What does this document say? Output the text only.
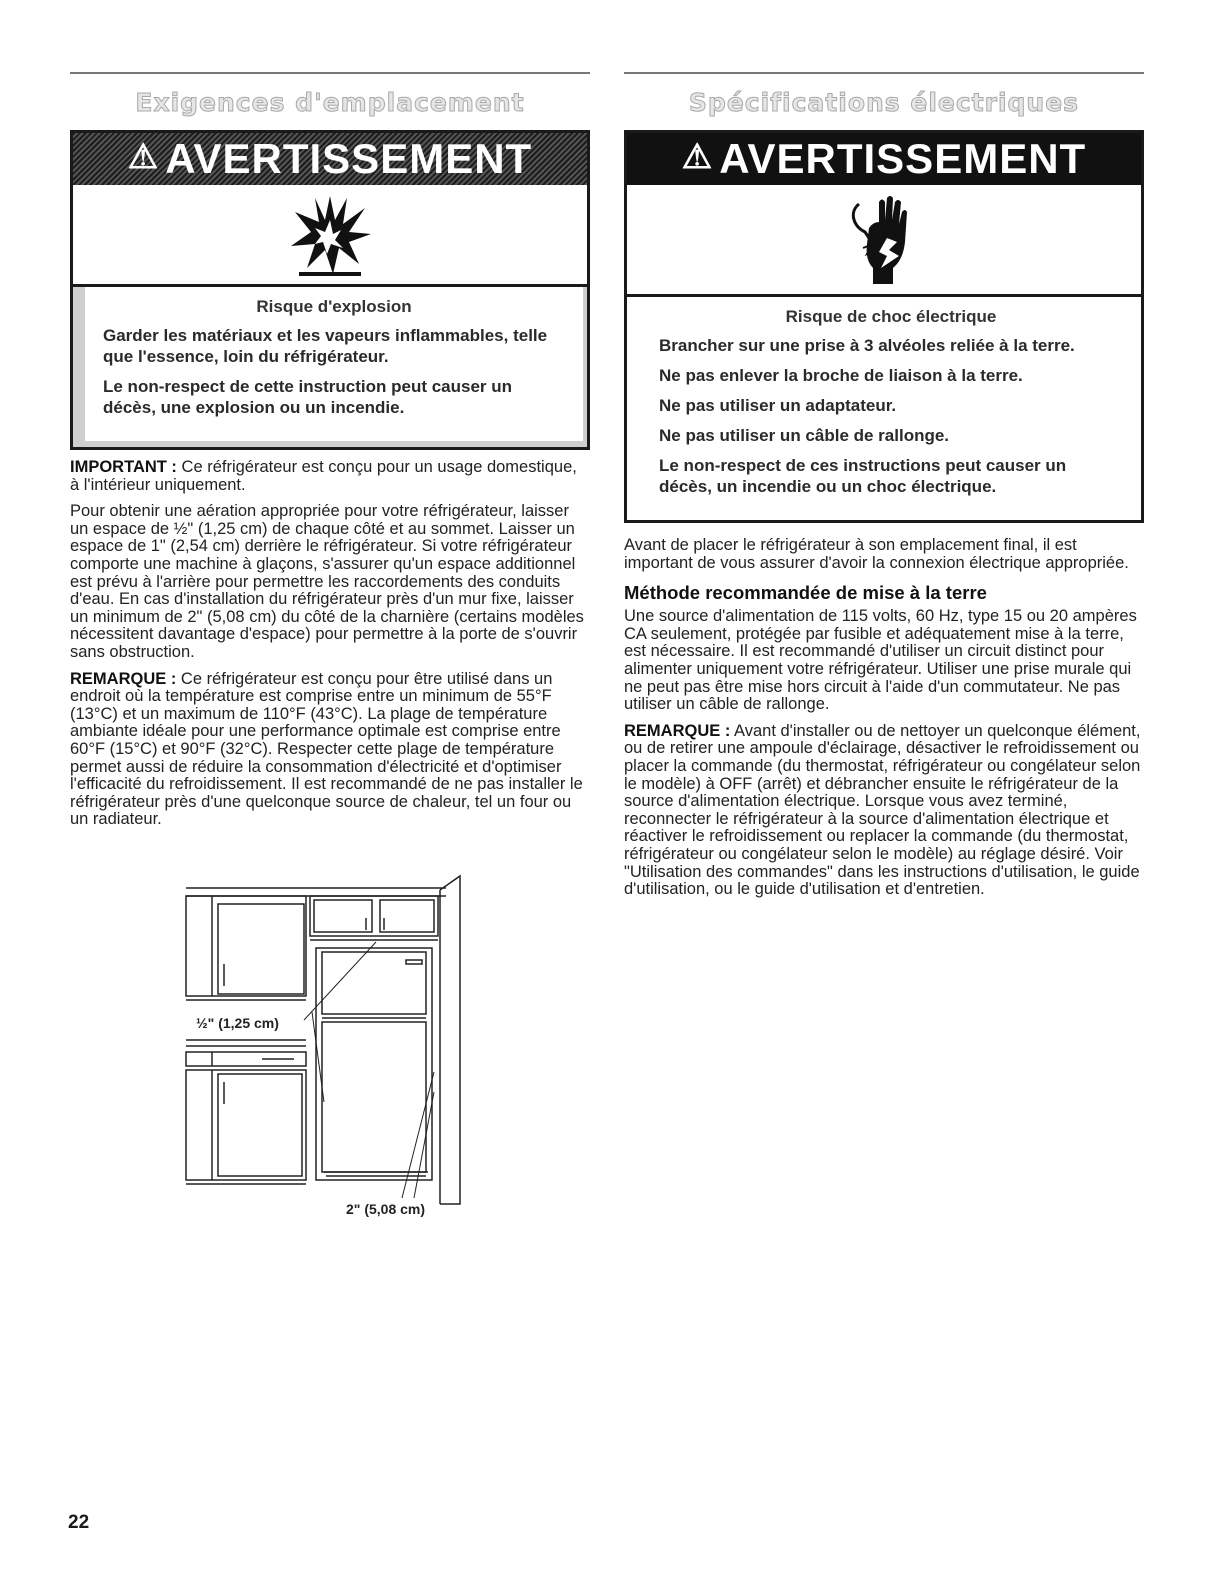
Exigences d'emplacement
⚠ AVERTISSEMENT
Risque d'explosion
Garder les matériaux et les vapeurs inflammables, telle que l'essence, loin du réfrigérateur.
Le non-respect de cette instruction peut causer un décès, une explosion ou un incendie.

IMPORTANT : Ce réfrigérateur est conçu pour un usage domestique, à l'intérieur uniquement.

Pour obtenir une aération appropriée pour votre réfrigérateur, laisser un espace de ½" (1,25 cm) de chaque côté et au sommet. Laisser un espace de 1" (2,54 cm) derrière le réfrigérateur. Si votre réfrigérateur comporte une machine à glaçons, s'assurer qu'un espace additionnel est prévu à l'arrière pour permettre les raccordements des conduits d'eau. En cas d'installation du réfrigérateur près d'un mur fixe, laisser un minimum de 2" (5,08 cm) du côté de la charnière (certains modèles nécessitent davantage d'espace) pour permettre à la porte de s'ouvrir sans obstruction.

REMARQUE : Ce réfrigérateur est conçu pour être utilisé dans un endroit où la température est comprise entre un minimum de 55°F (13°C) et un maximum de 110°F (43°C). La plage de température ambiante idéale pour une performance optimale est comprise entre 60°F (15°C) et 90°F (32°C). Respecter cette plage de température permet aussi de réduire la consommation d'électricité et d'optimiser l'efficacité du refroidissement. Il est recommandé de ne pas installer le réfrigérateur près d'une quelconque source de chaleur, tel un four ou un radiateur.

½" (1,25 cm)
2" (5,08 cm)
Spécifications électriques
⚠ AVERTISSEMENT
Risque de choc électrique
Brancher sur une prise à 3 alvéoles reliée à la terre.
Ne pas enlever la broche de liaison à la terre.
Ne pas utiliser un adaptateur.
Ne pas utiliser un câble de rallonge.
Le non-respect de ces instructions peut causer un décès, un incendie ou un choc électrique.

Avant de placer le réfrigérateur à son emplacement final, il est important de vous assurer d'avoir la connexion électrique appropriée.

Méthode recommandée de mise à la terre

Une source d'alimentation de 115 volts, 60 Hz, type 15 ou 20 ampères CA seulement, protégée par fusible et adéquatement mise à la terre, est nécessaire. Il est recommandé d'utiliser un circuit distinct pour alimenter uniquement votre réfrigérateur. Utiliser une prise murale qui ne peut pas être mise hors circuit à l'aide d'un commutateur. Ne pas utiliser un câble de rallonge.

REMARQUE : Avant d'installer ou de nettoyer un quelconque élément, ou de retirer une ampoule d'éclairage, désactiver le refroidissement ou placer la commande (du thermostat, réfrigérateur ou congélateur selon le modèle) à OFF (arrêt) et débrancher ensuite le réfrigérateur de la source d'alimentation électrique. Lorsque vous avez terminé, reconnecter le réfrigérateur à la source d'alimentation électrique et réactiver le refroidissement ou replacer la commande (du thermostat, réfrigérateur ou congélateur selon le modèle) au réglage désiré. Voir "Utilisation des commandes" dans les instructions d'utilisation, le guide d'utilisation, ou le guide d'utilisation et d'entretien.

22
